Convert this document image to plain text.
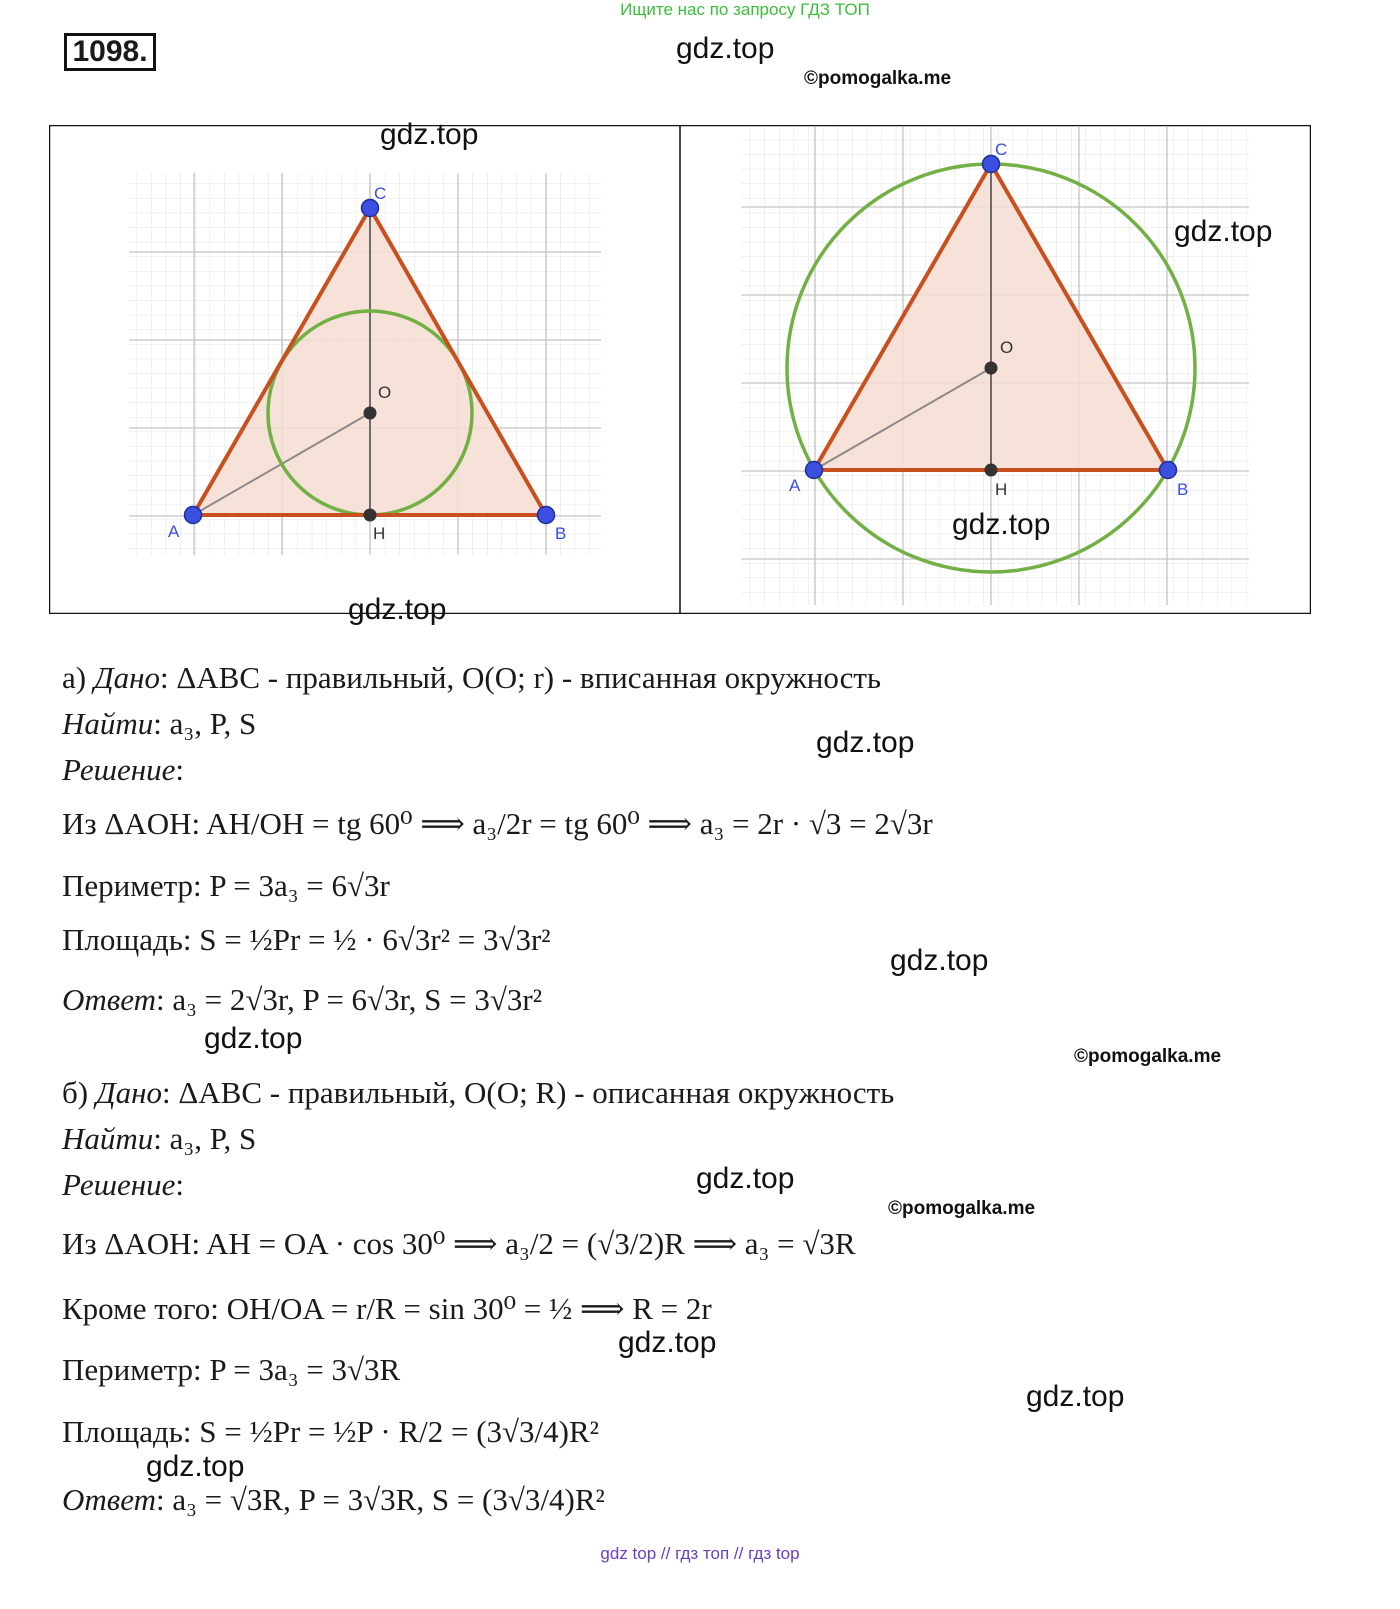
Ищите нас по запросу ГДЗ ТОП
1098.	gdz.top
©pomogalka.me
C
O
A	H	B
C
O
A	H	B
gdz.top
gdz.top
gdz.top
gdz.top
а) Дано: ΔABC - правильный, O(O; r) - вписанная окружность
Найти: a₃, P, S
Решение:
Из ΔAOH: AH/OH = tg 60⁰ ⟹ a₃/2r = tg 60⁰ ⟹ a₃ = 2r · √3 = 2√3r
Периметр: P = 3a₃ = 6√3r
Площадь: S = ½Pr = ½ · 6√3r² = 3√3r²
Ответ: a₃ = 2√3r, P = 6√3r, S = 3√3r²
gdz.top
gdz.top
gdz.top
©pomogalka.me
б) Дано: ΔABC - правильный, O(O; R) - описанная окружность
Найти: a₃, P, S
Решение:
Из ΔAOH: AH = OA · cos 30⁰ ⟹ a₃/2 = (√3/2)R ⟹ a₃ = √3R
Кроме того: OH/OA = r/R = sin 30⁰ = ½ ⟹ R = 2r
Периметр: P = 3a₃ = 3√3R
Площадь: S = ½Pr = ½P · R/2 = (3√3/4)R²
Ответ: a₃ = √3R, P = 3√3R, S = (3√3/4)R²
gdz.top
©pomogalka.me
gdz.top
gdz.top
gdz.top
gdz top // гдз топ // гдз top
